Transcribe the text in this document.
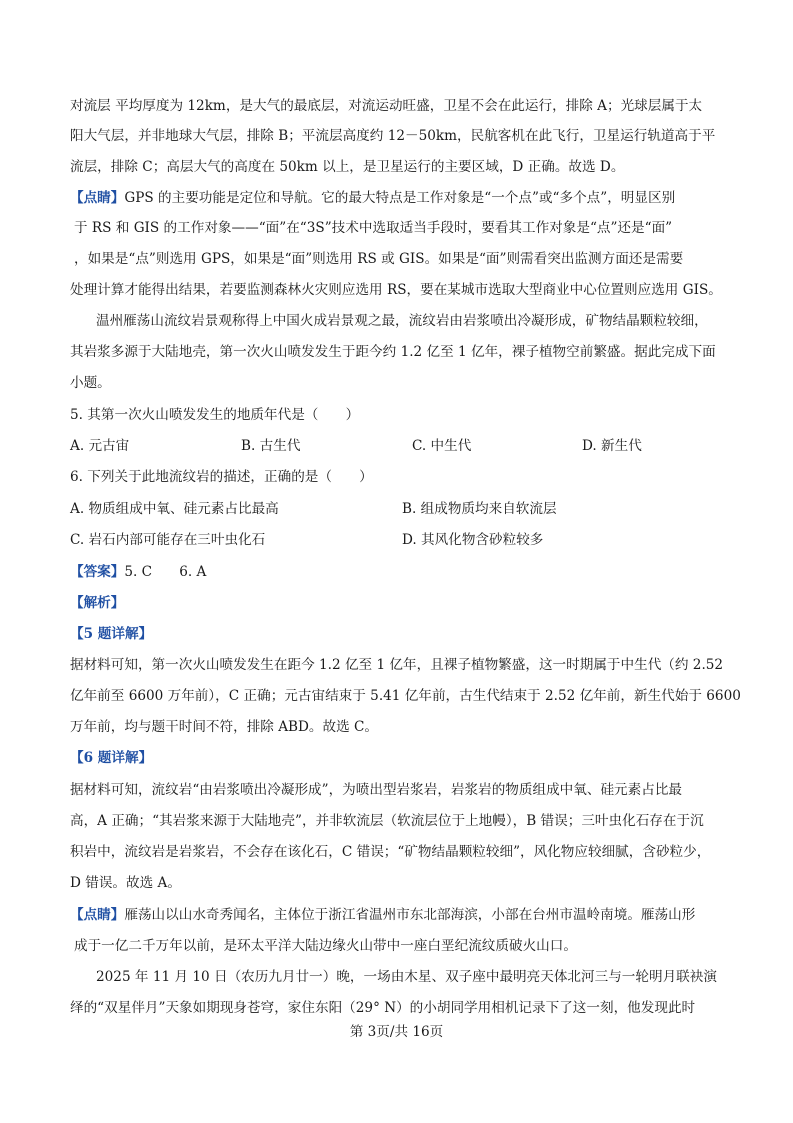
对流层 平均厚度为 12km，是大气的最底层，对流运动旺盛，卫星不会在此运行，排除 A；光球层属于太
阳大气层，并非地球大气层，排除 B；平流层高度约 12－50km，民航客机在此飞行，卫星运行轨道高于平
流层，排除 C；高层大气的高度在 50km 以上，是卫星运行的主要区域，D 正确。故选 D。
【点睛】GPS 的主要功能是定位和导航。它的最大特点是工作对象是“一个点”或“多个点”，明显区别
于 RS 和 GIS 的工作对象——“面”在“3S”技术中选取适当手段时，要看其工作对象是“点”还是“面”
，如果是“点”则选用 GPS，如果是“面”则选用 RS 或 GIS。如果是“面”则需看突出监测方面还是需要
处理计算才能得出结果，若要监测森林火灾则应选用 RS，要在某城市选取大型商业中心位置则应选用 GIS。
温州雁荡山流纹岩景观称得上中国火成岩景观之最，流纹岩由岩浆喷出冷凝形成，矿物结晶颗粒较细，
其岩浆多源于大陆地壳，第一次火山喷发发生于距今约 1.2 亿至 1 亿年，裸子植物空前繁盛。据此完成下面
小题。
5. 其第一次火山喷发发生的地质年代是（　　）
A. 元古宙	B. 古生代	C. 中生代	D. 新生代
6. 下列关于此地流纹岩的描述，正确的是（　　）
A. 物质组成中氧、硅元素占比最高	B. 组成物质均来自软流层
C. 岩石内部可能存在三叶虫化石	D. 其风化物含砂粒较多
【答案】5. C　　6. A
【解析】
【5 题详解】
据材料可知，第一次火山喷发发生在距今 1.2 亿至 1 亿年，且裸子植物繁盛，这一时期属于中生代（约 2.52
亿年前至 6600 万年前），C 正确；元古宙结束于 5.41 亿年前，古生代结束于 2.52 亿年前，新生代始于 6600
万年前，均与题干时间不符，排除 ABD。故选 C。
【6 题详解】
据材料可知，流纹岩“由岩浆喷出冷凝形成”，为喷出型岩浆岩，岩浆岩的物质组成中氧、硅元素占比最
高，A 正确；“其岩浆来源于大陆地壳”，并非软流层（软流层位于上地幔），B 错误；三叶虫化石存在于沉
积岩中，流纹岩是岩浆岩，不会存在该化石，C 错误；“矿物结晶颗粒较细”，风化物应较细腻，含砂粒少，
D 错误。故选 A。
【点睛】雁荡山以山水奇秀闻名，主体位于浙江省温州市东北部海滨，小部在台州市温岭南境。雁荡山形
成于一亿二千万年以前，是环太平洋大陆边缘火山带中一座白垩纪流纹质破火山口。
2025 年 11 月 10 日（农历九月廿一）晚，一场由木星、双子座中最明亮天体北河三与一轮明月联袂演
绎的“双星伴月”天象如期现身苍穹，家住东阳（29° N）的小胡同学用相机记录下了这一刻，他发现此时
第 3页/共 16页
